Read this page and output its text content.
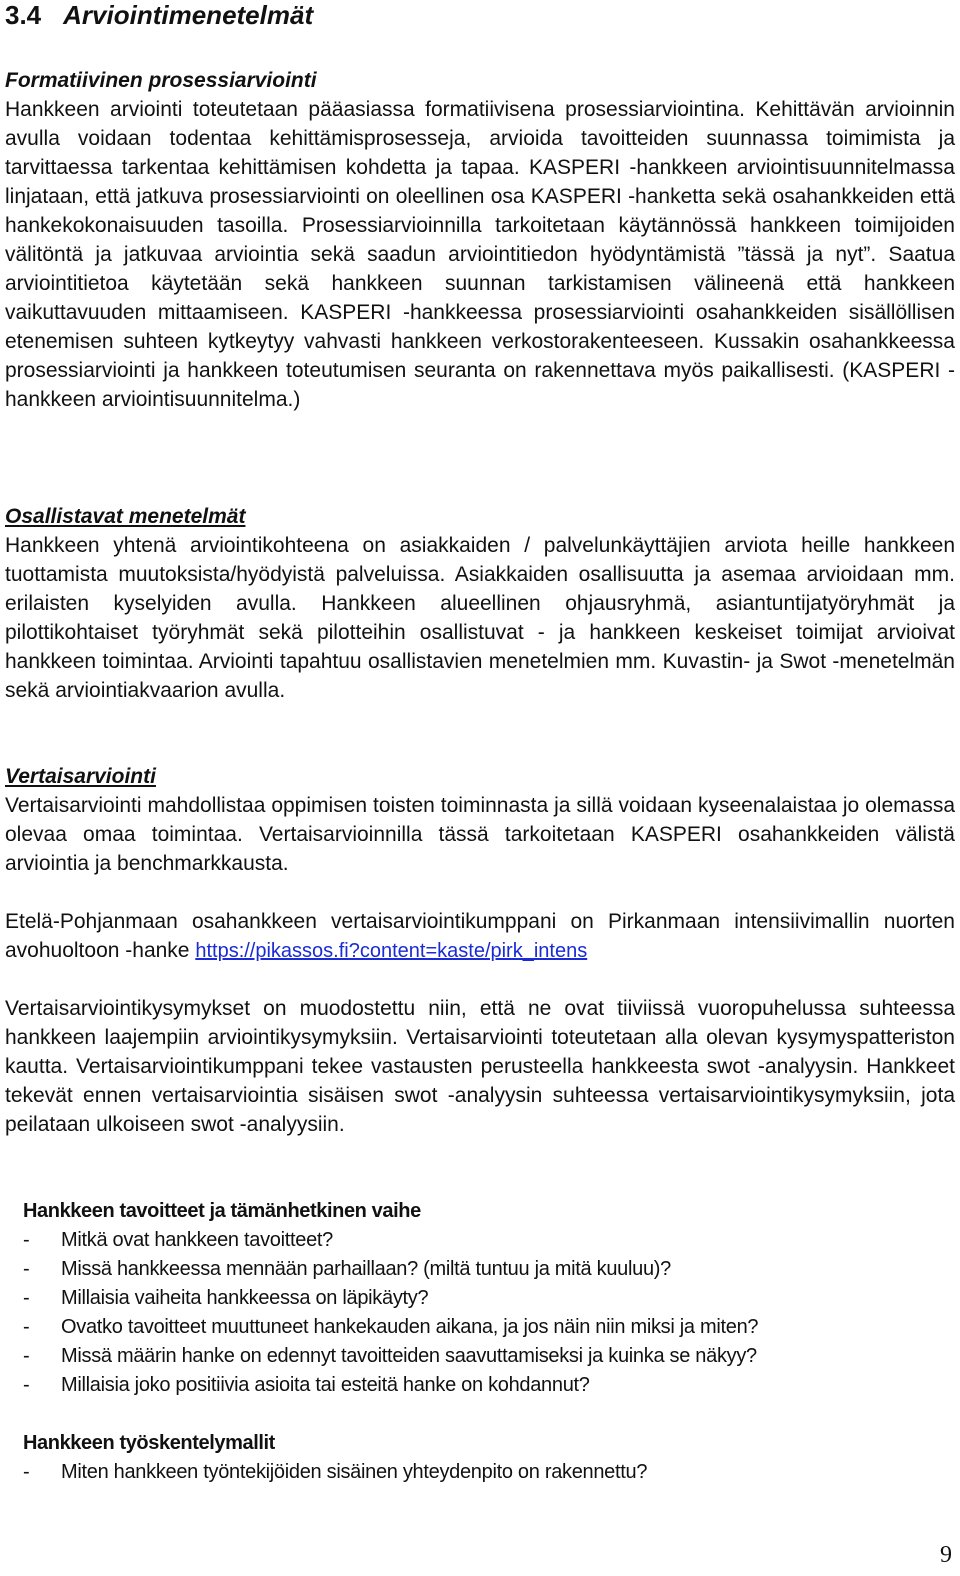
3.4 Arviointimenetelmät
Formatiivinen prosessiarviointi

Hankkeen arviointi toteutetaan pääasiassa formatiivisena prosessiarviointina. Kehittävän arvioinnin avulla voidaan todentaa kehittämisprosesseja, arvioida tavoitteiden suunnassa toimimista ja tarvittaessa tarkentaa kehittämisen kohdetta ja tapaa. KASPERI -hankkeen arviointisuunnitelmassa linjataan, että jatkuva prosessiarviointi on oleellinen osa KASPERI -hanketta sekä osahankkeiden että hankekokonaisuuden tasoilla. Prosessiarvioinnilla tarkoitetaan käytännössä hankkeen toimijoiden välitöntä ja jatkuvaa arviointia sekä saadun arviointitiedon hyödyntämistä ”tässä ja nyt”. Saatua arviointitietoa käytetään sekä hankkeen suunnan tarkistamisen välineenä että hankkeen vaikuttavuuden mittaamiseen. KASPERI -hankkeessa prosessiarviointi osahankkeiden sisällöllisen etenemisen suhteen kytkeytyy vahvasti hankkeen verkostorakenteeseen. Kussakin osahankkeessa prosessiarviointi ja hankkeen toteutumisen seuranta on rakennettava myös paikallisesti. (KASPERI -hankkeen arviointisuunnitelma.)

Osallistavat menetelmät

Hankkeen yhtenä arviointikohteena on asiakkaiden / palvelunkäyttäjien arviota heille hankkeen tuottamista muutoksista/hyödyistä palveluissa. Asiakkaiden osallisuutta ja asemaa arvioidaan mm. erilaisten kyselyiden avulla. Hankkeen alueellinen ohjausryhmä, asiantuntijatyöryhmät ja pilottikohtaiset työryhmät sekä pilotteihin osallistuvat - ja hankkeen keskeiset toimijat arvioivat hankkeen toimintaa. Arviointi tapahtuu osallistavien menetelmien mm. Kuvastin- ja Swot -menetelmän sekä arviointiakvaarion avulla.

Vertaisarviointi

Vertaisarviointi mahdollistaa oppimisen toisten toiminnasta ja sillä voidaan kyseenalaistaa jo olemassa olevaa omaa toimintaa. Vertaisarvioinnilla tässä tarkoitetaan KASPERI osahankkeiden välistä arviointia ja benchmarkkausta.

Etelä-Pohjanmaan osahankkeen vertaisarviointikumppani on Pirkanmaan intensiivimallin nuorten avohuoltoon -hanke https://pikassos.fi?content=kaste/pirk_intens

Vertaisarviointikysymykset on muodostettu niin, että ne ovat tiiviissä vuoropuhelussa suhteessa hankkeen laajempiin arviointikysymyksiin. Vertaisarviointi toteutetaan alla olevan kysymyspatteriston kautta. Vertaisarviointikumppani tekee vastausten perusteella hankkeesta swot -analyysin. Hankkeet tekevät ennen vertaisarviointia sisäisen swot -analyysin suhteessa vertaisarviointikysymyksiin, jota peilataan ulkoiseen swot -analyysiin.

Hankkeen tavoitteet ja tämänhetkinen vaihe
-	Mitkä ovat hankkeen tavoitteet?
-	Missä hankkeessa mennään parhaillaan? (miltä tuntuu ja mitä kuuluu)?
-	Millaisia vaiheita hankkeessa on läpikäyty?
-	Ovatko tavoitteet muuttuneet hankekauden aikana, ja jos näin niin miksi ja miten?
-	Missä määrin hanke on edennyt tavoitteiden saavuttamiseksi ja kuinka se näkyy?
-	Millaisia joko positiivia asioita tai esteitä hanke on kohdannut?
Hankkeen työskentelymallit
-	Miten hankkeen työntekijöiden sisäinen yhteydenpito on rakennettu?
9
